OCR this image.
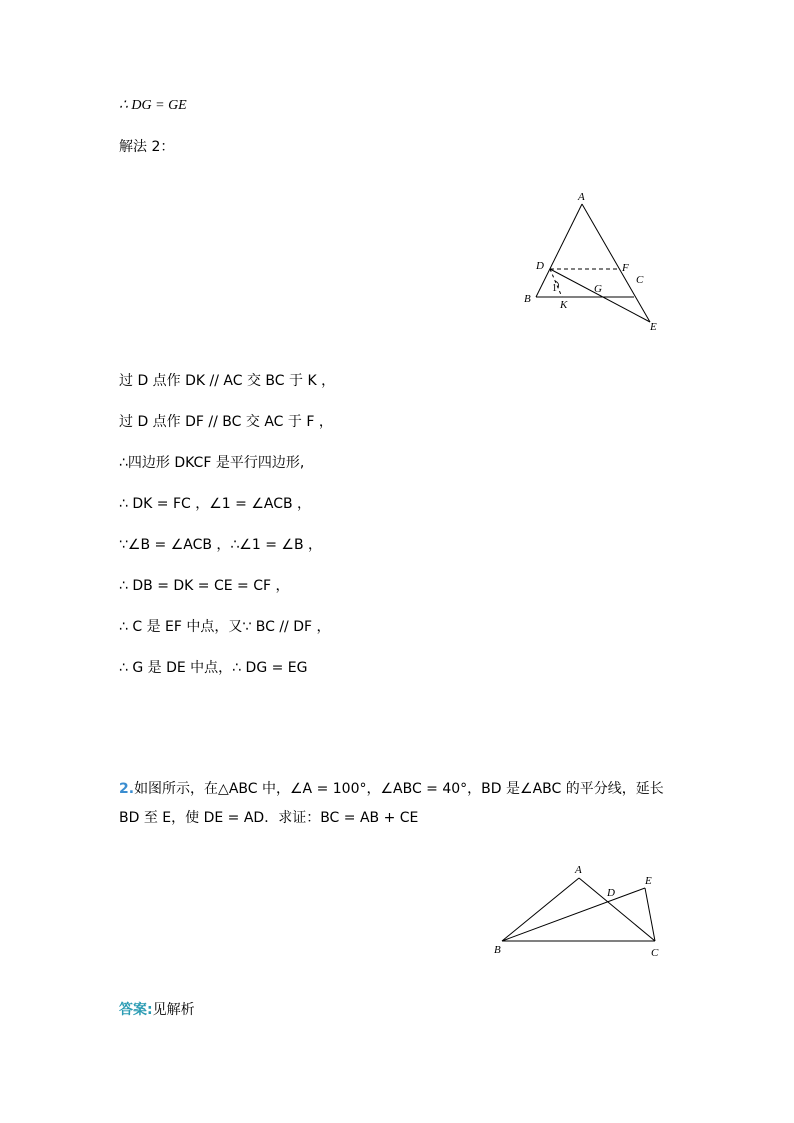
∴ DG = GE
解法 2：
A
D	F
C
B
1	G
K
E
A
D
E
B	C
过 D 点作 DK // AC 交 BC 于 K ，
过 D 点作 DF // BC 交 AC 于 F ，
∴四边形 DKCF 是平行四边形,
∴ DK = FC ，∠1 = ∠ACB ，
∵∠B = ∠ACB ，∴∠1 = ∠B ，
∴ DB = DK = CE = CF ，
∴ C 是 EF 中点，又∵ BC // DF ，
∴ G 是 DE 中点，∴ DG = EG
2.如图所示，在△ABC 中，∠A = 100°，∠ABC = 40°，BD 是∠ABC 的平分线，延长
BD 至 E，使 DE = AD．求证：BC = AB + CE
答案:见解析
